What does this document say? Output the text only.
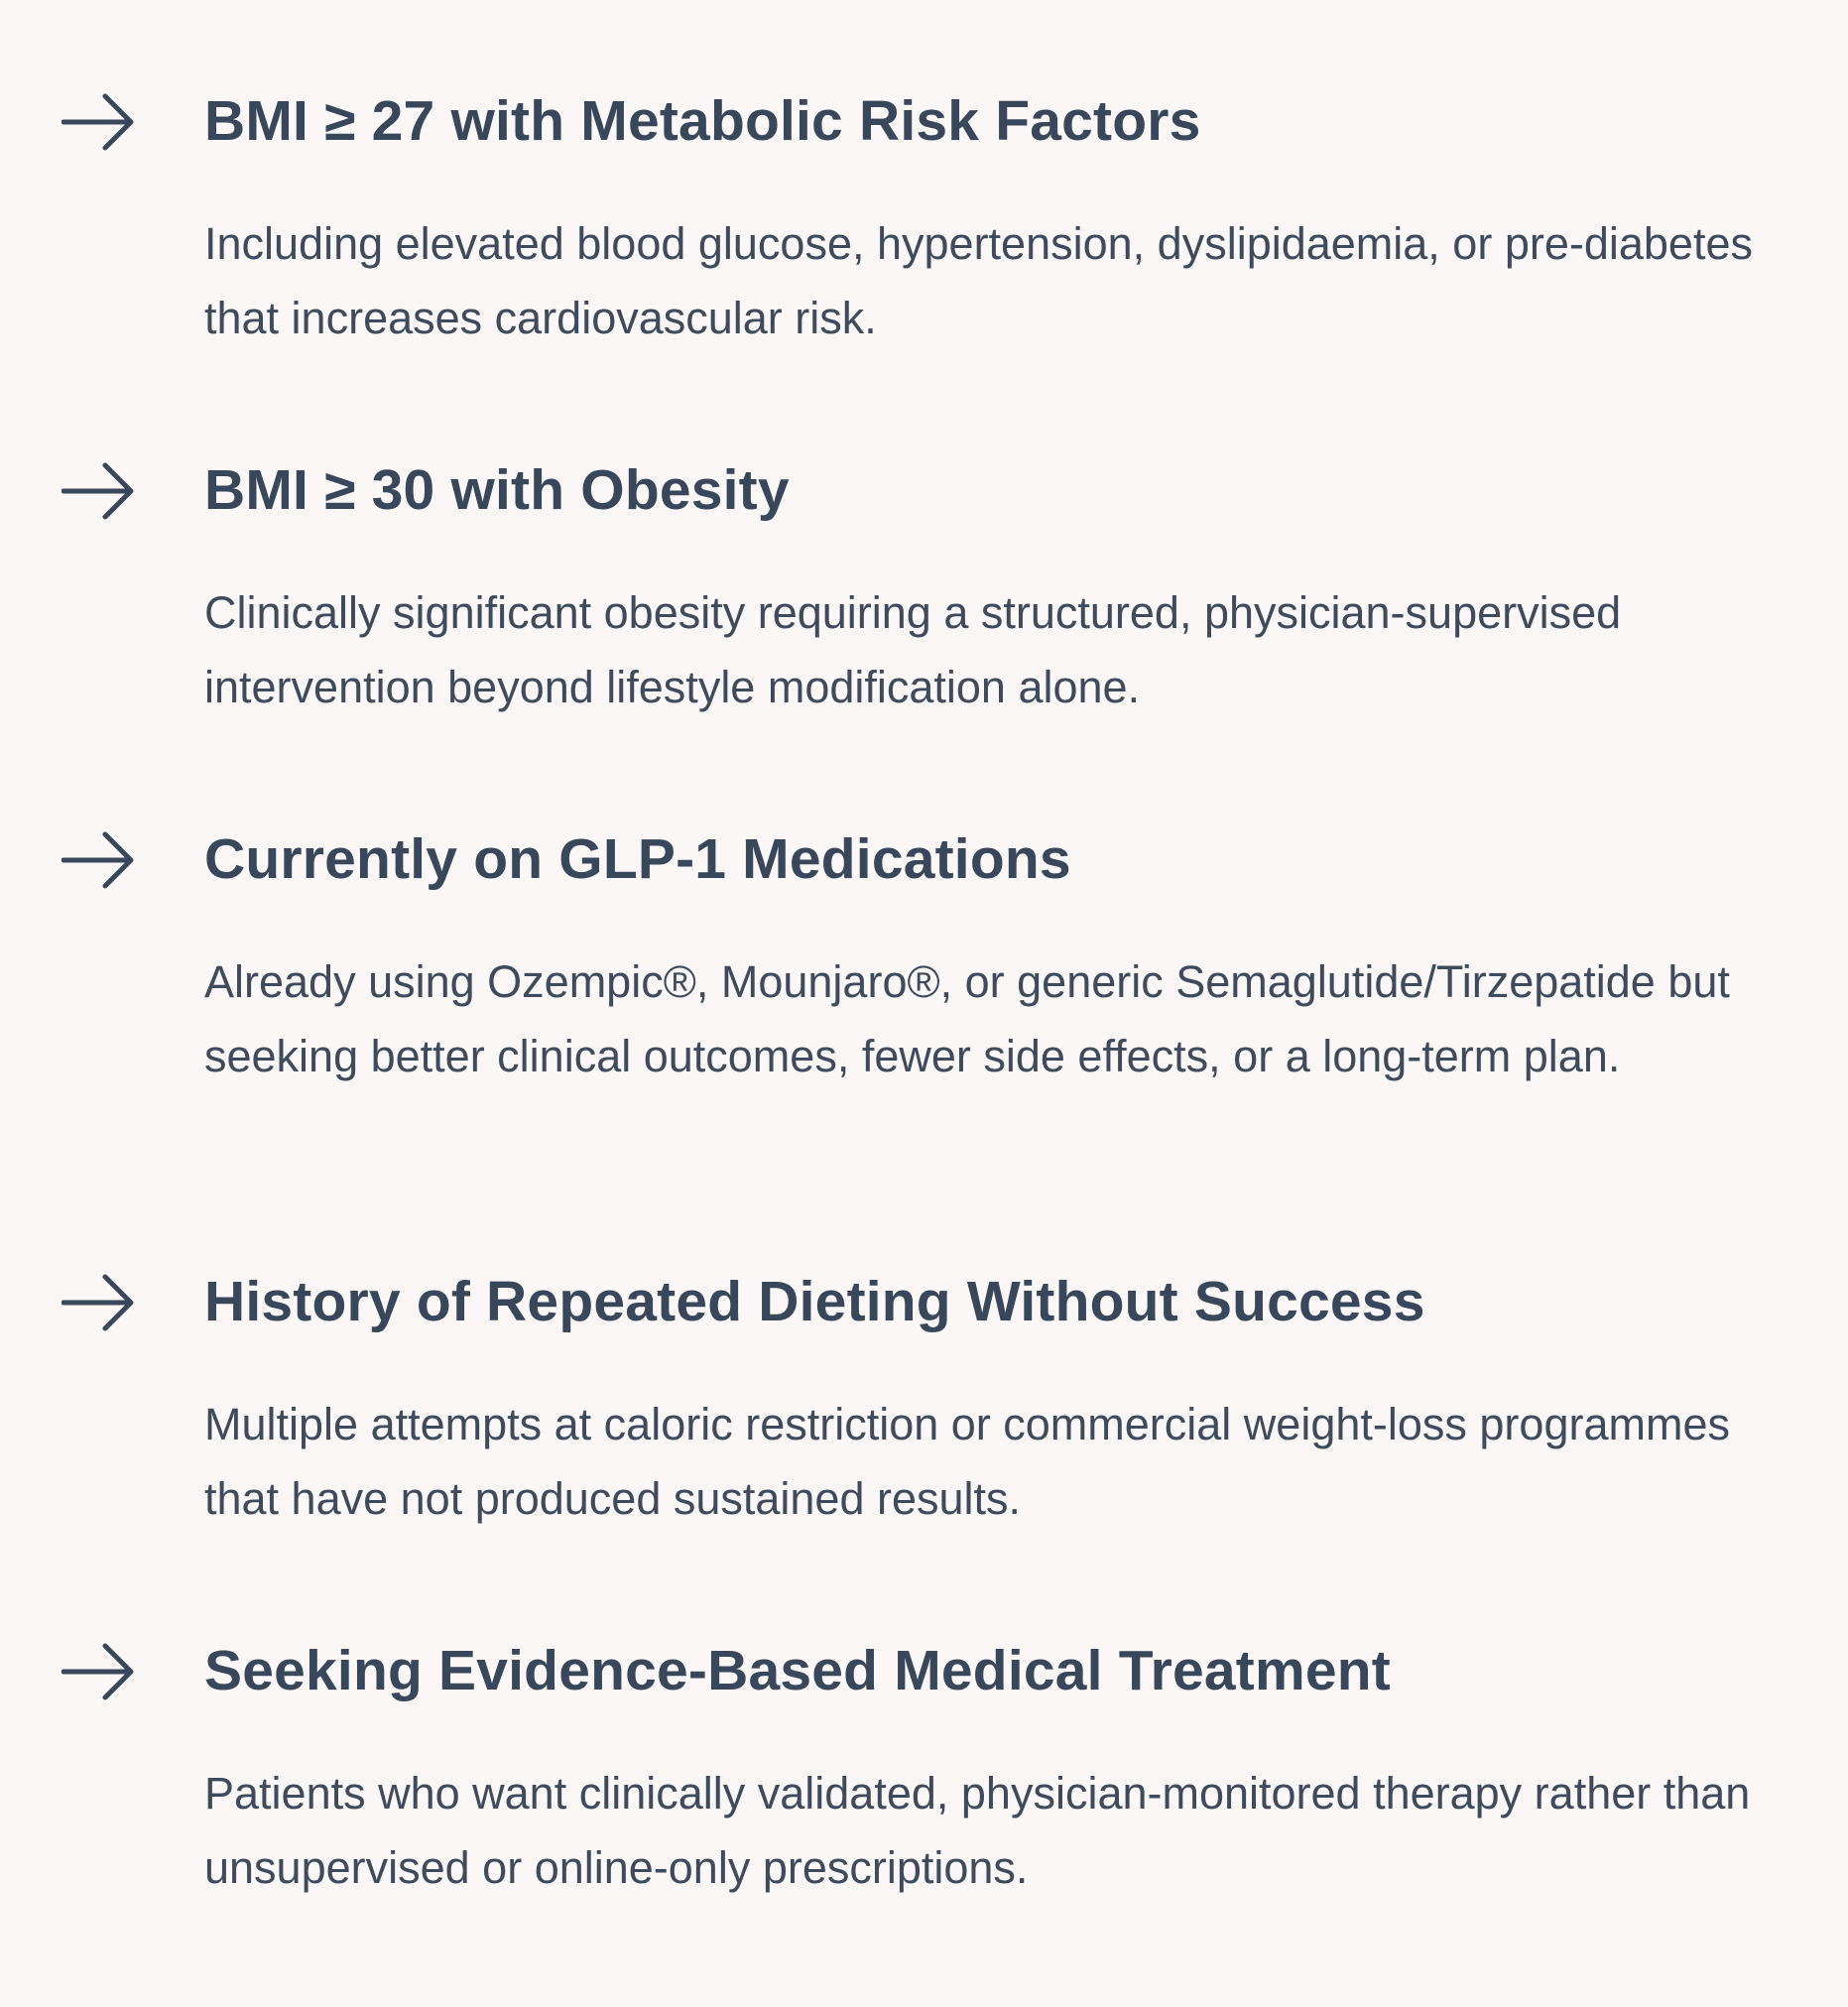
BMI ≥ 27 with Metabolic Risk Factors

Including elevated blood glucose, hypertension, dyslipidaemia, or pre-diabetes that increases cardiovascular risk.

BMI ≥ 30 with Obesity

Clinically significant obesity requiring a structured, physician-supervised intervention beyond lifestyle modification alone.

Currently on GLP-1 Medications

Already using Ozempic®, Mounjaro®, or generic Semaglutide/Tirzepatide but seeking better clinical outcomes, fewer side effects, or a long-term plan.

History of Repeated Dieting Without Success

Multiple attempts at caloric restriction or commercial weight-loss programmes that have not produced sustained results.

Seeking Evidence-Based Medical Treatment

Patients who want clinically validated, physician-monitored therapy rather than unsupervised or online-only prescriptions.
